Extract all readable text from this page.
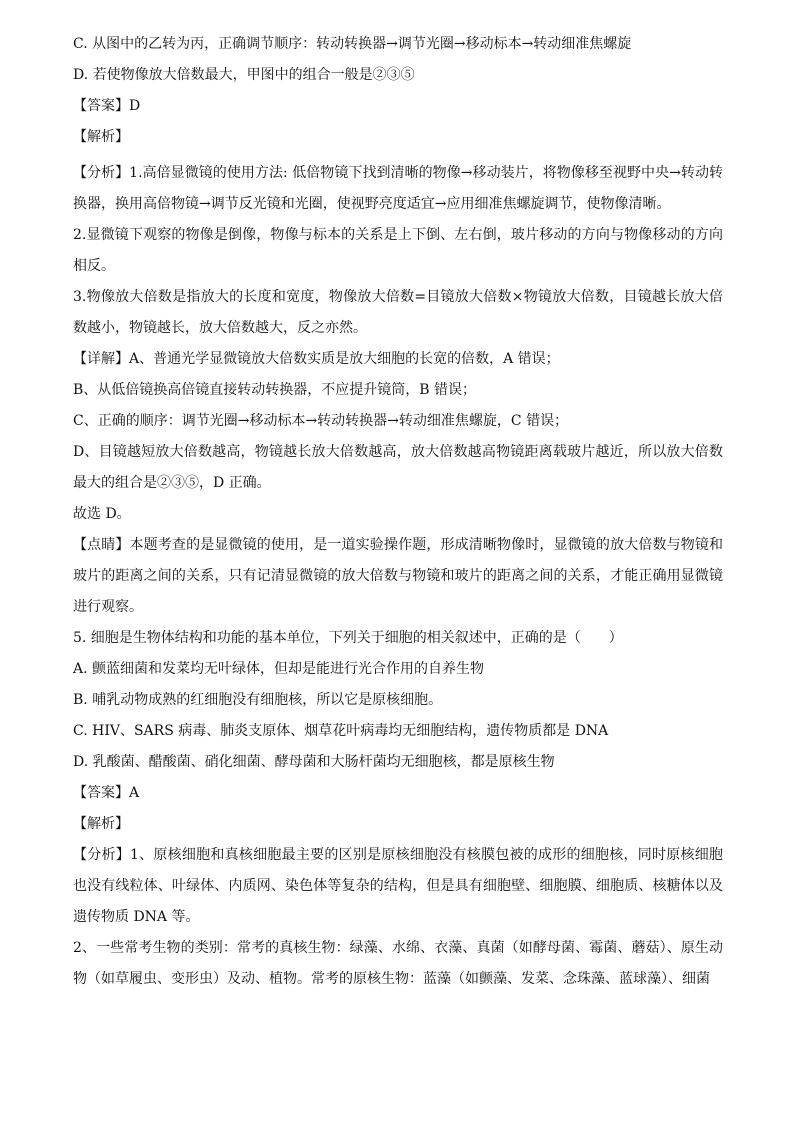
C. 从图中的乙转为丙，正确调节顺序：转动转换器→调节光圈→移动标本→转动细准焦螺旋
D. 若使物像放大倍数最大，甲图中的组合一般是②③⑤
【答案】D
【解析】
【分析】1.高倍显微镜的使用方法: 低倍物镜下找到清晰的物像→移动装片，将物像移至视野中央→转动转换器，换用高倍物镜→调节反光镜和光圈，使视野亮度适宜→应用细准焦螺旋调节，使物像清晰。
2.显微镜下观察的物像是倒像，物像与标本的关系是上下倒、左右倒，玻片移动的方向与物像移动的方向相反。
3.物像放大倍数是指放大的长度和宽度，物像放大倍数=目镜放大倍数×物镜放大倍数，目镜越长放大倍数越小，物镜越长，放大倍数越大，反之亦然。
【详解】A、普通光学显微镜放大倍数实质是放大细胞的长宽的倍数，A 错误；
B、从低倍镜换高倍镜直接转动转换器，不应提升镜筒，B 错误；
C、正确的顺序：调节光圈→移动标本→转动转换器→转动细准焦螺旋，C 错误；
D、目镜越短放大倍数越高，物镜越长放大倍数越高，放大倍数越高物镜距离载玻片越近，所以放大倍数最大的组合是②③⑤，D 正确。
故选 D。
【点睛】本题考查的是显微镜的使用，是一道实验操作题，形成清晰物像时，显微镜的放大倍数与物镜和玻片的距离之间的关系，只有记清显微镜的放大倍数与物镜和玻片的距离之间的关系，才能正确用显微镜进行观察。
5. 细胞是生物体结构和功能的基本单位，下列关于细胞的相关叙述中，正确的是（　　）
A. 颤蓝细菌和发菜均无叶绿体，但却是能进行光合作用的自养生物
B. 哺乳动物成熟的红细胞没有细胞核，所以它是原核细胞。
C. HIV、SARS 病毒、肺炎支原体、烟草花叶病毒均无细胞结构，遗传物质都是 DNA
D. 乳酸菌、醋酸菌、硝化细菌、酵母菌和大肠杆菌均无细胞核，都是原核生物
【答案】A
【解析】
【分析】1、原核细胞和真核细胞最主要的区别是原核细胞没有核膜包被的成形的细胞核，同时原核细胞也没有线粒体、叶绿体、内质网、染色体等复杂的结构，但是具有细胞壁、细胞膜、细胞质、核糖体以及遗传物质 DNA 等。
2、一些常考生物的类别：常考的真核生物：绿藻、水绵、衣藻、真菌（如酵母菌、霉菌、蘑菇）、原生动物（如草履虫、变形虫）及动、植物。常考的原核生物：蓝藻（如颤藻、发菜、念珠藻、蓝球藻）、细菌
